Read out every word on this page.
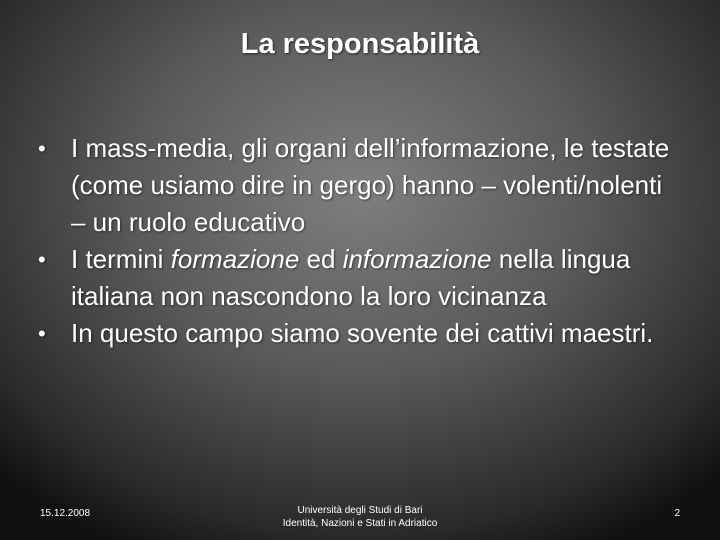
La responsabilità
• I mass-media, gli organi dell’informazione, le testate (come usiamo dire in gergo) hanno – volenti/nolenti – un ruolo educativo
• I termini formazione ed informazione nella lingua italiana non nascondono la loro vicinanza
• In questo campo siamo sovente dei cattivi maestri.
15.12.2008	Università degli Studi di Bari
Identità, Nazioni e Stati in Adriatico
2
